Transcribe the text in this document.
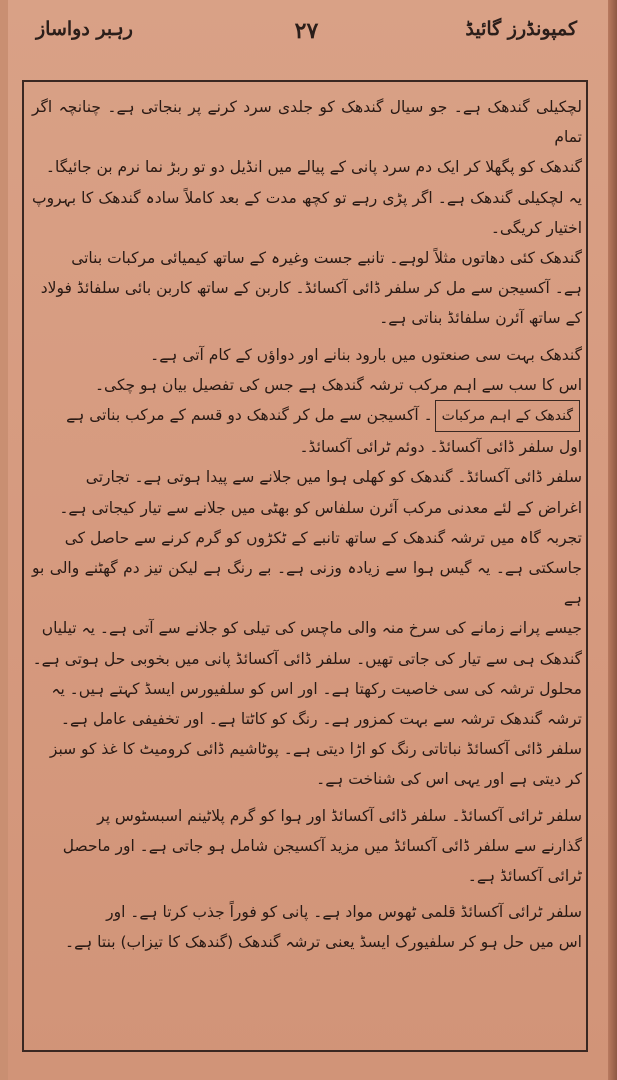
کمپونڈرز گائیڈ
۲۷
رہبر دواساز

لچکیلی گندھک ہے۔ جو سیال گندھک کو جلدی سرد کرنے پر بنجاتی ہے۔ چنانچہ اگر تمام

گندھک کو پگھلا کر ایک دم سرد پانی کے پیالے میں انڈیل دو تو ربڑ نما نرم بن جائیگا۔

یہ لچکیلی گندھک ہے۔ اگر پڑی رہے تو کچھ مدت کے بعد کاملاً سادہ گندھک کا بہروپ اختیار کریگی۔

گندھک کئی دھاتوں مثلاً لوہے۔ تانبے جست وغیرہ کے ساتھ کیمیائی مرکبات بناتی

ہے۔ آکسیجن سے مل کر سلفر ڈائی آکسائڈ۔ کاربن کے ساتھ کاربن بائی سلفائڈ فولاد

کے ساتھ آئرن سلفائڈ بناتی ہے۔

گندھک بہت سی صنعتوں میں بارود بنانے اور دواؤں کے کام آتی ہے۔

اس کا سب سے اہم مرکب ترشہ گندھک ہے جس کی تفصیل بیان ہو چکی۔

گندھک کے اہم مرکبات۔ آکسیجن سے مل کر گندھک دو قسم کے مرکب بناتی ہے

اول سلفر ڈائی آکسائڈ۔ دوئم ٹرائی آکسائڈ۔

سلفر ڈائی آکسائڈ۔ گندھک کو کھلی ہوا میں جلانے سے پیدا ہوتی ہے۔ تجارتی

اغراض کے لئے معدنی مرکب آئرن سلفاس کو بھٹی میں جلانے سے تیار کیجاتی ہے۔

تجربہ گاہ میں ترشہ گندھک کے ساتھ تانبے کے ٹکڑوں کو گرم کرنے سے حاصل کی

جاسکتی ہے۔ یہ گیس ہوا سے زیادہ وزنی ہے۔ بے رنگ ہے لیکن تیز دم گھٹنے والی بو ہے

جیسے پرانے زمانے کی سرخ منہ والی ماچس کی تیلی کو جلانے سے آتی ہے۔ یہ تیلیاں

گندھک ہی سے تیار کی جاتی تھیں۔ سلفر ڈائی آکسائڈ پانی میں بخوبی حل ہوتی ہے۔

محلول ترشہ کی سی خاصیت رکھتا ہے۔ اور اس کو سلفیورس ایسڈ کہتے ہیں۔ یہ

ترشہ گندھک ترشہ سے بہت کمزور ہے۔ رنگ کو کاٹتا ہے۔ اور تخفیفی عامل ہے۔

سلفر ڈائی آکسائڈ نباتاتی رنگ کو اڑا دیتی ہے۔ پوٹاشیم ڈائی کرومیٹ کا غذ کو سبز

کر دیتی ہے اور یہی اس کی شناخت ہے۔

سلفر ٹرائی آکسائڈ۔ سلفر ڈائی آکسائڈ اور ہوا کو گرم پلاٹینم اسبسٹوس پر

گذارنے سے سلفر ڈائی آکسائڈ میں مزید آکسیجن شامل ہو جاتی ہے۔ اور ماحصل

ٹرائی آکسائڈ ہے۔

سلفر ٹرائی آکسائڈ قلمی ٹھوس مواد ہے۔ پانی کو فوراً جذب کرتا ہے۔ اور

اس میں حل ہو کر سلفیورک ایسڈ یعنی ترشہ گندھک (گندھک کا تیزاب) بنتا ہے۔
